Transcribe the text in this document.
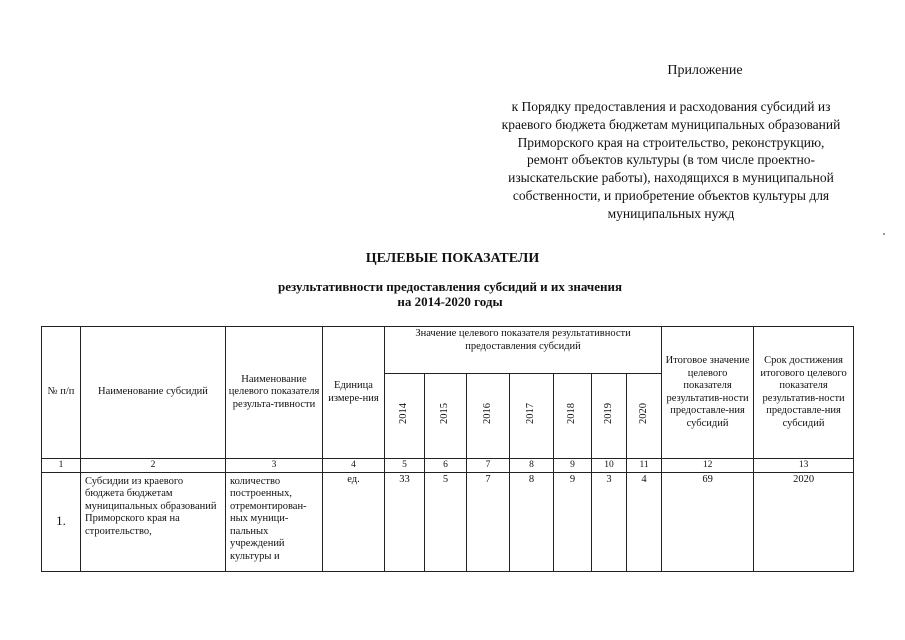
Приложение
к Порядку предоставления и расходования субсидий из
краевого бюджета бюджетам муниципальных образований
Приморского края на строительство, реконструкцию,
ремонт объектов культуры (в том числе проектно-
изыскательские работы), находящихся в муниципальной
собственности, и приобретение объектов культуры для
муниципальных нужд
ЦЕЛЕВЫЕ ПОКАЗАТЕЛИ
результативности предоставления субсидий и их значения
на 2014-2020 годы
№ п/п	Наименование субсидий	Наименование целевого показателя результа-тивности	Единица измере-ния	Значение целевого показателя результативности предоставления субсидий							Итоговое значение целевого показателя результатив-ности предоставле-ния субсидий	Срок достижения итогового целевого показателя результатив-ности предоставле-ния субсидий
				2014	2015	2016	2017	2018	2019	2020		
1	2	3	4	5	6	7	8	9	10	11	12	13
1.	Субсидии из краевого бюджета бюджетам муниципальных образований Приморского края на строительство,	количество построенных, отремонтирован-ных муници-пальных учреждений культуры и	ед.	33	5	7	8	9	3	4	69	2020
